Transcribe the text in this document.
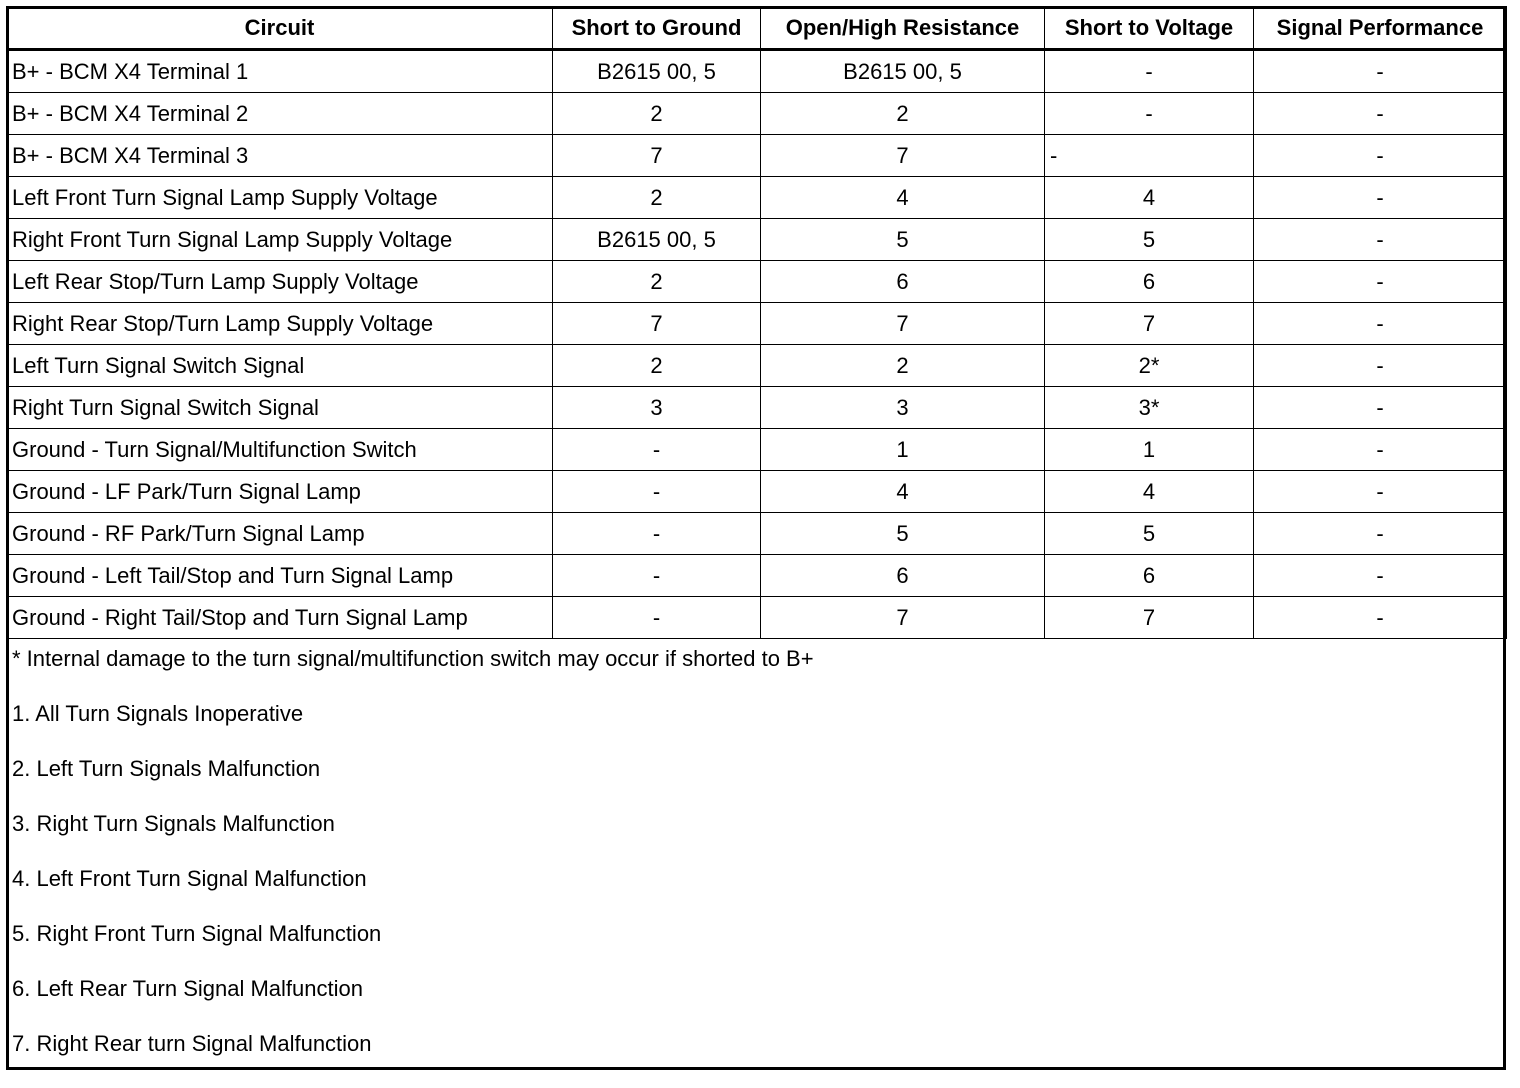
Circuit	Short to Ground	Open/High Resistance	Short to Voltage	Signal Performance
B+ - BCM X4 Terminal 1	B2615 00, 5	B2615 00, 5	-	-
B+ - BCM X4 Terminal 2	2	2	-	-
B+ - BCM X4 Terminal 3	7	7	-	-
Left Front Turn Signal Lamp Supply Voltage	2	4	4	-
Right Front Turn Signal Lamp Supply Voltage	B2615 00, 5	5	5	-
Left Rear Stop/Turn Lamp Supply Voltage	2	6	6	-
Right Rear Stop/Turn Lamp Supply Voltage	7	7	7	-
Left Turn Signal Switch Signal	2	2	2*	-
Right Turn Signal Switch Signal	3	3	3*	-
Ground - Turn Signal/Multifunction Switch	-	1	1	-
Ground - LF Park/Turn Signal Lamp	-	4	4	-
Ground - RF Park/Turn Signal Lamp	-	5	5	-
Ground - Left Tail/Stop and Turn Signal Lamp	-	6	6	-
Ground - Right Tail/Stop and Turn Signal Lamp	-	7	7	-
* Internal damage to the turn signal/multifunction switch may occur if shorted to B+
1. All Turn Signals Inoperative
2. Left Turn Signals Malfunction
3. Right Turn Signals Malfunction
4. Left Front Turn Signal Malfunction
5. Right Front Turn Signal Malfunction
6. Left Rear Turn Signal Malfunction
7. Right Rear turn Signal Malfunction
